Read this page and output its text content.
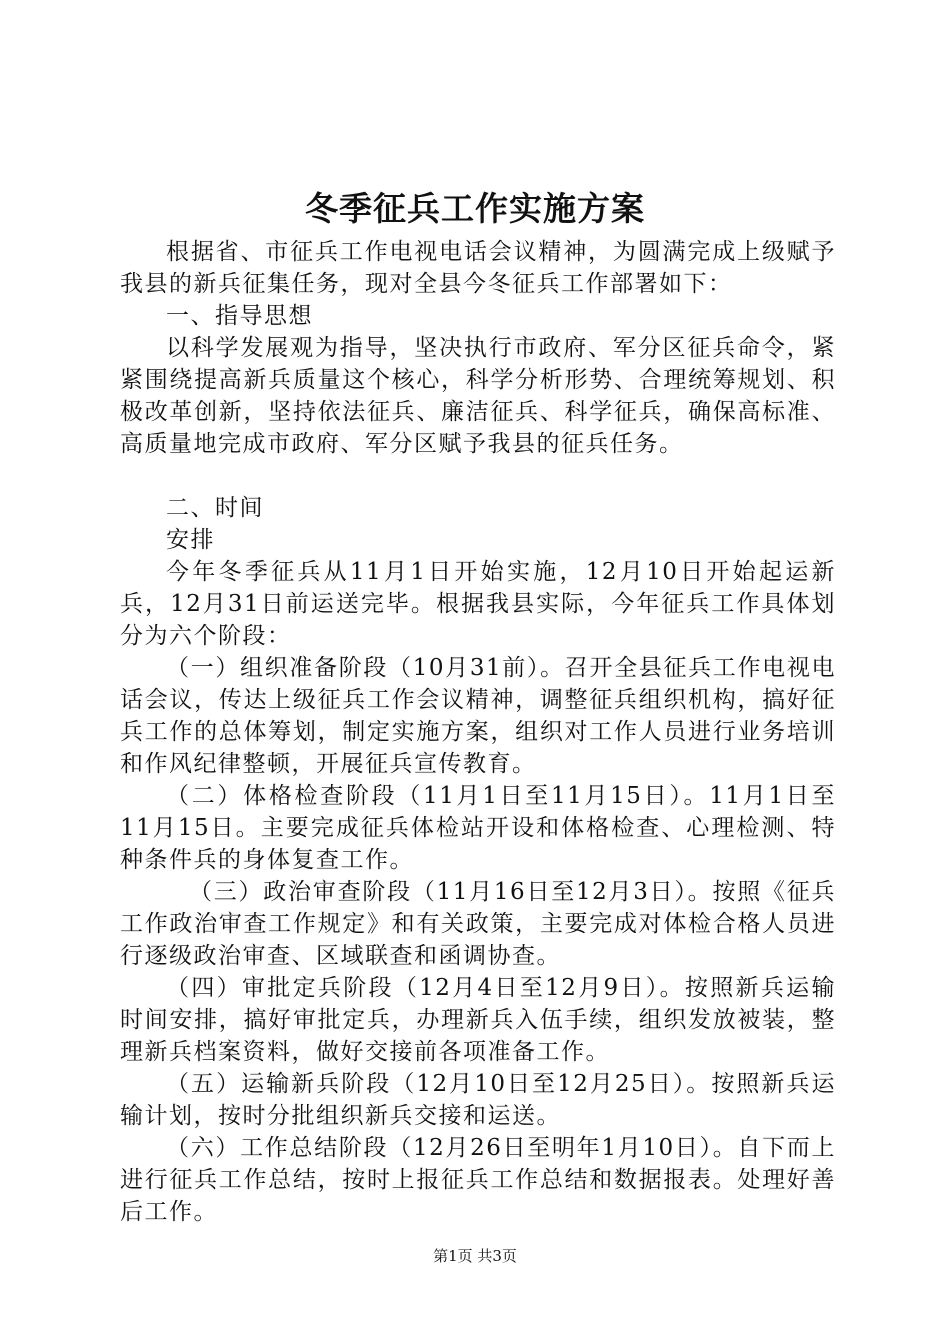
冬季征兵工作实施方案

根据省、市征兵工作电视电话会议精神，为圆满完成上级赋予我县的新兵征集任务，现对全县今冬征兵工作部署如下：

一、指导思想

以科学发展观为指导，坚决执行市政府、军分区征兵命令，紧紧围绕提高新兵质量这个核心，科学分析形势、合理统筹规划、积极改革创新，坚持依法征兵、廉洁征兵、科学征兵，确保高标准、高质量地完成市政府、军分区赋予我县的征兵任务。

二、时间

安排

今年冬季征兵从11月1日开始实施，12月10日开始起运新兵，12月31日前运送完毕。根据我县实际，今年征兵工作具体划分为六个阶段：

（一）组织准备阶段（10月31前）。召开全县征兵工作电视电话会议，传达上级征兵工作会议精神，调整征兵组织机构，搞好征兵工作的总体筹划，制定实施方案，组织对工作人员进行业务培训和作风纪律整顿，开展征兵宣传教育。

（二）体格检查阶段（11月1日至11月15日）。11月1日至11月15日。主要完成征兵体检站开设和体格检查、心理检测、特种条件兵的身体复查工作。

（三）政治审查阶段（11月16日至12月3日）。按照《征兵工作政治审查工作规定》和有关政策，主要完成对体检合格人员进行逐级政治审查、区域联查和函调协查。

（四）审批定兵阶段（12月4日至12月9日）。按照新兵运输时间安排，搞好审批定兵，办理新兵入伍手续，组织发放被装，整理新兵档案资料，做好交接前各项准备工作。

（五）运输新兵阶段（12月10日至12月25日）。按照新兵运输计划，按时分批组织新兵交接和运送。

（六）工作总结阶段（12月26日至明年1月10日）。自下而上进行征兵工作总结，按时上报征兵工作总结和数据报表。处理好善后工作。

第1页 共3页
